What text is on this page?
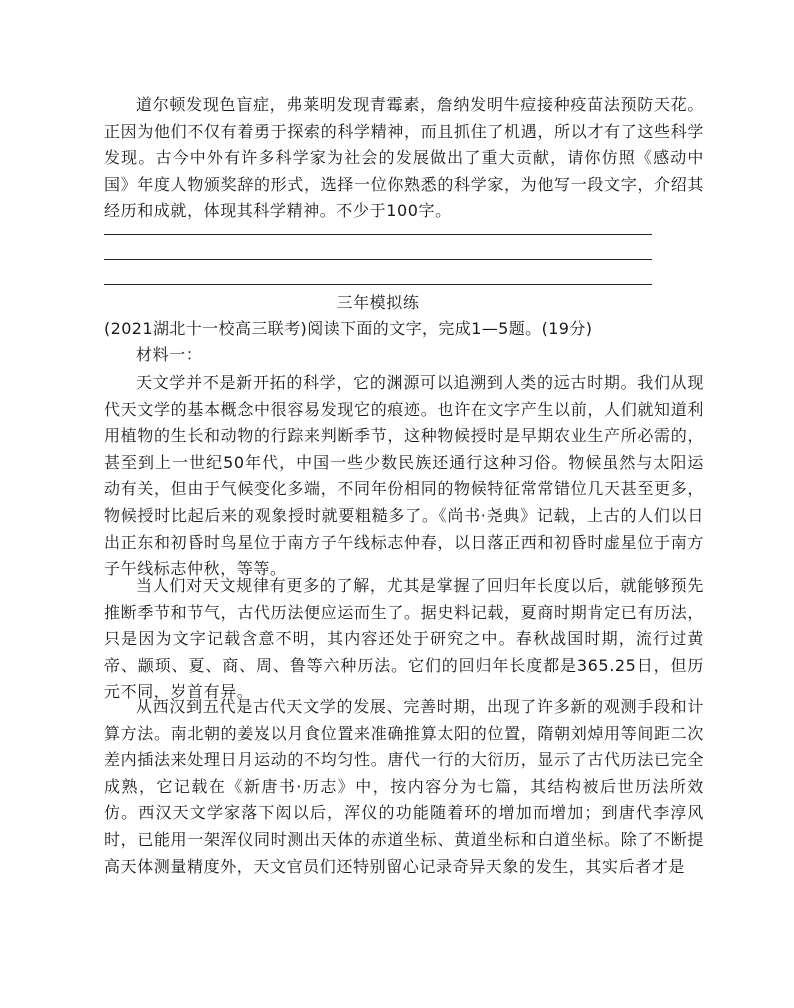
道尔顿发现色盲症，弗莱明发现青霉素，詹纳发明牛痘接种疫苗法预防天花。正因为他们不仅有着勇于探索的科学精神，而且抓住了机遇，所以才有了这些科学发现。古今中外有许多科学家为社会的发展做出了重大贡献，请你仿照《感动中国》年度人物颁奖辞的形式，选择一位你熟悉的科学家，为他写一段文字，介绍其经历和成就，体现其科学精神。不少于100字。

三年模拟练

(2021湖北十一校高三联考)阅读下面的文字，完成1—5题。(19分)

材料一：

天文学并不是新开拓的科学，它的渊源可以追溯到人类的远古时期。我们从现代天文学的基本概念中很容易发现它的痕迹。也许在文字产生以前，人们就知道利用植物的生长和动物的行踪来判断季节，这种物候授时是早期农业生产所必需的，甚至到上一世纪50年代，中国一些少数民族还通行这种习俗。物候虽然与太阳运动有关，但由于气候变化多端，不同年份相同的物候特征常常错位几天甚至更多，物候授时比起后来的观象授时就要粗糙多了。《尚书·尧典》记载，上古的人们以日出正东和初昏时鸟星位于南方子午线标志仲春，以日落正西和初昏时虚星位于南方子午线标志仲秋，等等。

当人们对天文规律有更多的了解，尤其是掌握了回归年长度以后，就能够预先推断季节和节气，古代历法便应运而生了。据史料记载，夏商时期肯定已有历法，只是因为文字记载含意不明，其内容还处于研究之中。春秋战国时期，流行过黄帝、颛顼、夏、商、周、鲁等六种历法。它们的回归年长度都是365.25日，但历元不同，岁首有异。

从西汉到五代是古代天文学的发展、完善时期，出现了许多新的观测手段和计算方法。南北朝的姜岌以月食位置来准确推算太阳的位置，隋朝刘焯用等间距二次差内插法来处理日月运动的不均匀性。唐代一行的大衍历，显示了古代历法已完全成熟，它记载在《新唐书·历志》中，按内容分为七篇，其结构被后世历法所效仿。西汉天文学家落下闳以后，浑仪的功能随着环的增加而增加；到唐代李淳风时，已能用一架浑仪同时测出天体的赤道坐标、黄道坐标和白道坐标。除了不断提高天体测量精度外，天文官员们还特别留心记录奇异天象的发生，其实后者才是
